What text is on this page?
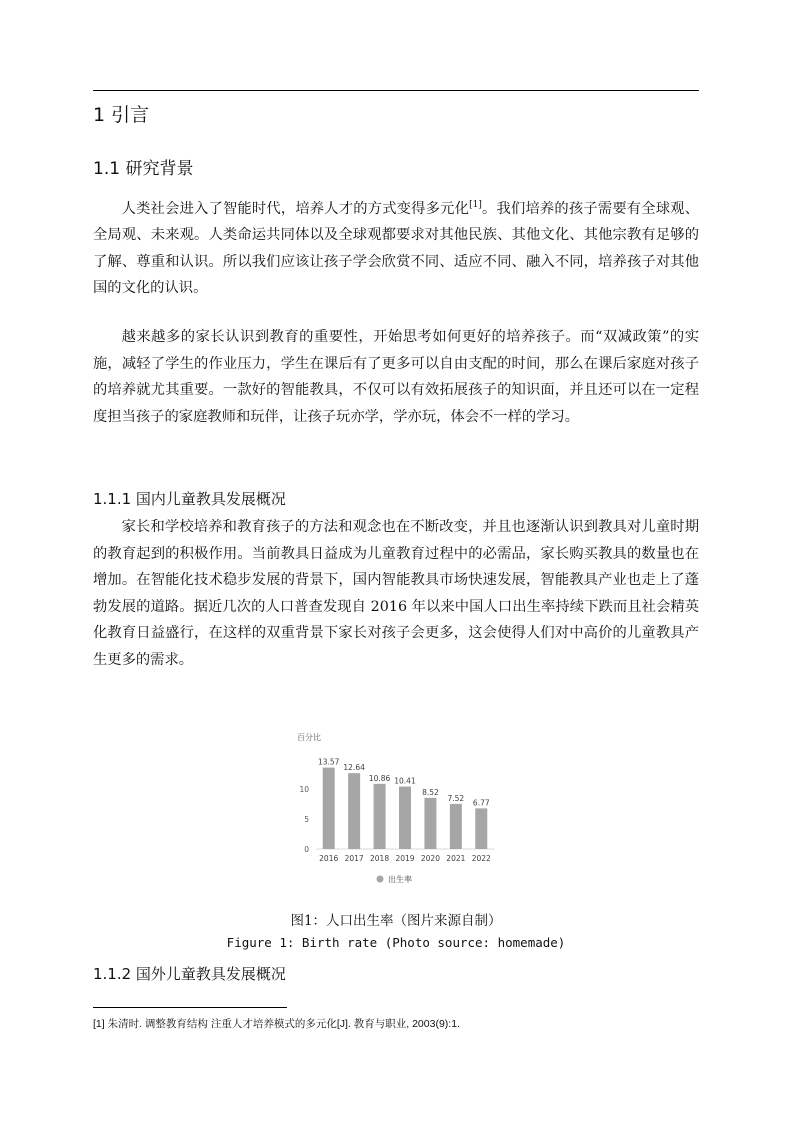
1 引言
1.1 研究背景

人类社会进入了智能时代，培养人才的方式变得多元化[1]。我们培养的孩子需要有全球观、全局观、未来观。人类命运共同体以及全球观都要求对其他民族、其他文化、其他宗教有足够的了解、尊重和认识。所以我们应该让孩子学会欣赏不同、适应不同、融入不同，培养孩子对其他国的文化的认识。

越来越多的家长认识到教育的重要性，开始思考如何更好的培养孩子。而“双减政策”的实施，减轻了学生的作业压力，学生在课后有了更多可以自由支配的时间，那么在课后家庭对孩子的培养就尤其重要。一款好的智能教具，不仅可以有效拓展孩子的知识面，并且还可以在一定程度担当孩子的家庭教师和玩伴，让孩子玩亦学，学亦玩，体会不一样的学习。

1.1.1 国内儿童教具发展概况

家长和学校培养和教育孩子的方法和观念也在不断改变，并且也逐渐认识到教具对儿童时期的教育起到的积极作用。当前教具日益成为儿童教育过程中的必需品，家长购买教具的数量也在增加。在智能化技术稳步发展的背景下，国内智能教具市场快速发展，智能教具产业也走上了蓬勃发展的道路。据近几次的人口普查发现自 2016 年以来中国人口出生率持续下跌而且社会精英化教育日益盛行，在这样的双重背景下家长对孩子会更多，这会使得人们对中高价的儿童教具产生更多的需求。

百分比
0
5
10
2016 2017 2018 2019 2020 2021 2022
13.57
12.64
10.86 10.41
8.52
7.52 6.77
出生率
图1：人口出生率（图片来源自制）
Figure 1: Birth rate (Photo source: homemade)
1.1.2 国外儿童教具发展概况
[1] 朱清时. 调整教育结构 注重人才培养模式的多元化[J]. 教育与职业, 2003(9):1.
